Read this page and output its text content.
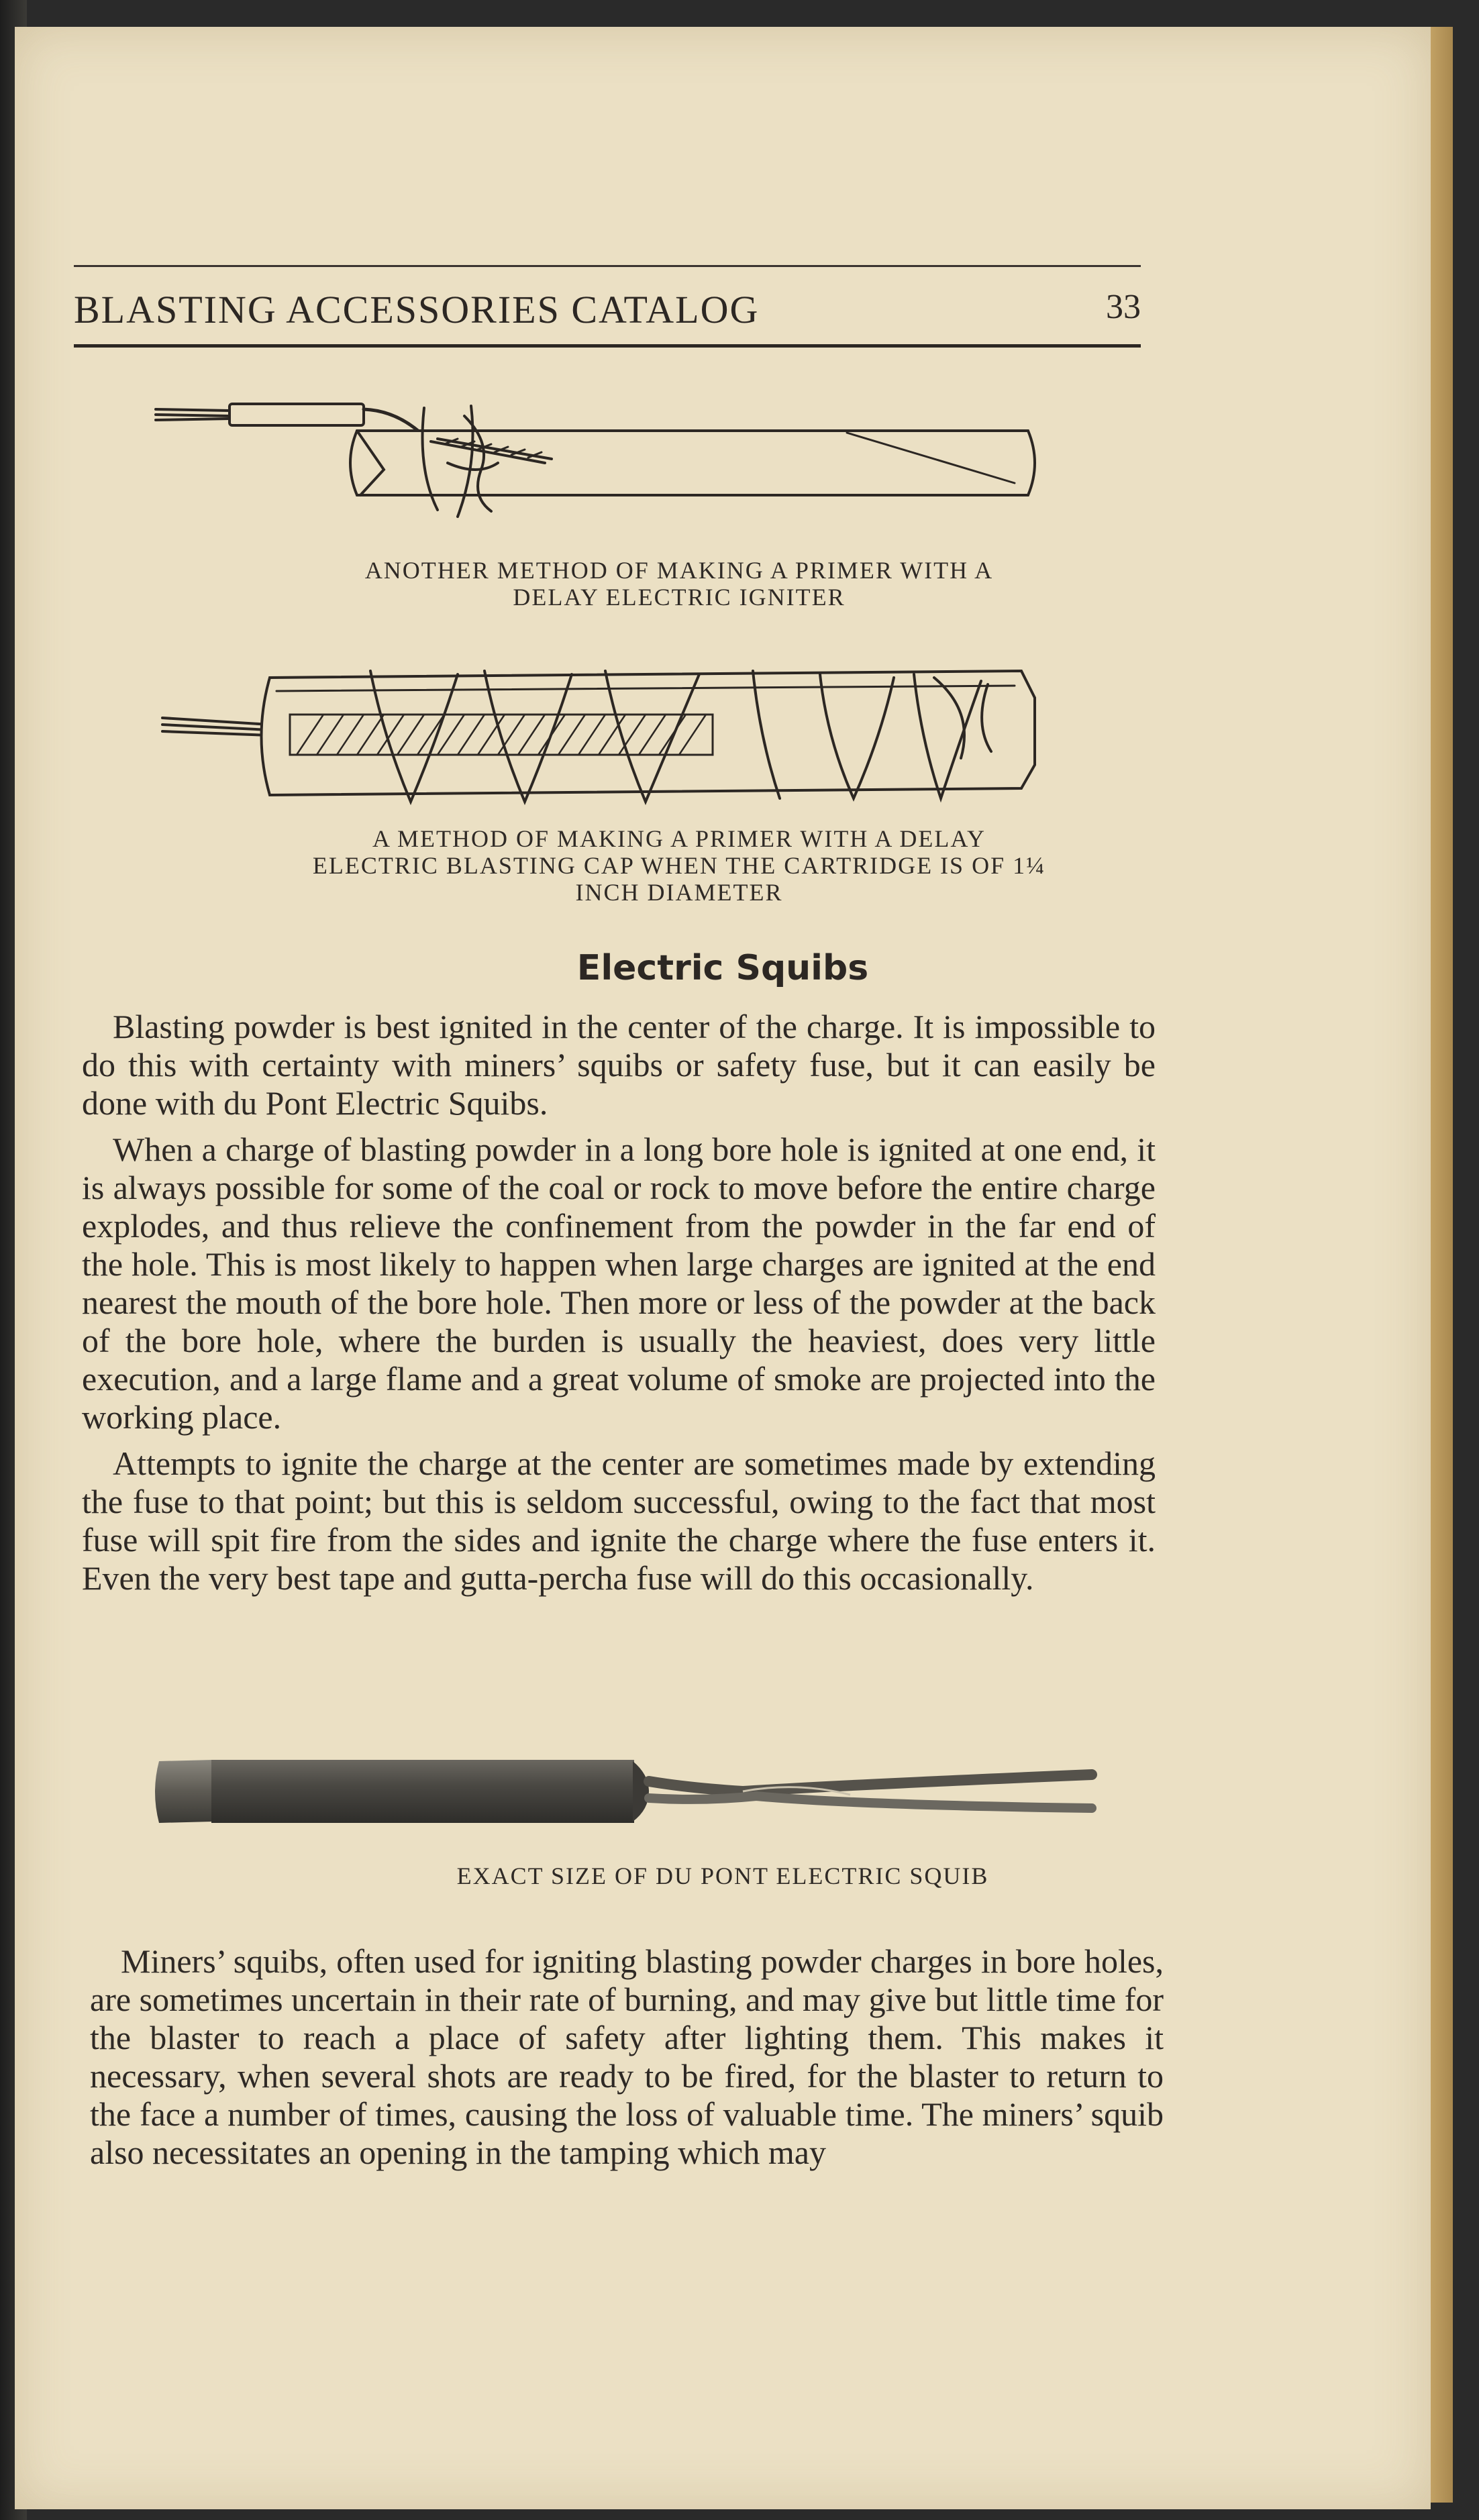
BLASTING ACCESSORIES CATALOG	33
ANOTHER METHOD OF MAKING A PRIMER WITH A
DELAY ELECTRIC IGNITER
A METHOD OF MAKING A PRIMER WITH A DELAY
ELECTRIC BLASTING CAP WHEN THE CARTRIDGE IS OF 1¼
INCH DIAMETER
Electric Squibs

Blasting powder is best ignited in the center of the charge. It is impossible to do this with certainty with miners’ squibs or safety fuse, but it can easily be done with du Pont Electric Squibs.

When a charge of blasting powder in a long bore hole is ignited at one end, it is always possible for some of the coal or rock to move before the entire charge explodes, and thus relieve the confinement from the powder in the far end of the hole. This is most likely to happen when large charges are ignited at the end nearest the mouth of the bore hole. Then more or less of the powder at the back of the bore hole, where the burden is usually the heaviest, does very little execution, and a large flame and a great volume of smoke are projected into the working place.

Attempts to ignite the charge at the center are sometimes made by extending the fuse to that point; but this is seldom successful, owing to the fact that most fuse will spit fire from the sides and ignite the charge where the fuse enters it. Even the very best tape and gutta-percha fuse will do this occasionally.

EXACT SIZE OF DU PONT ELECTRIC SQUIB

Miners’ squibs, often used for igniting blasting powder charges in bore holes, are sometimes uncertain in their rate of burning, and may give but little time for the blaster to reach a place of safety after lighting them. This makes it necessary, when several shots are ready to be fired, for the blaster to return to the face a number of times, causing the loss of valuable time. The miners’ squib also necessitates an opening in the tamping which may
